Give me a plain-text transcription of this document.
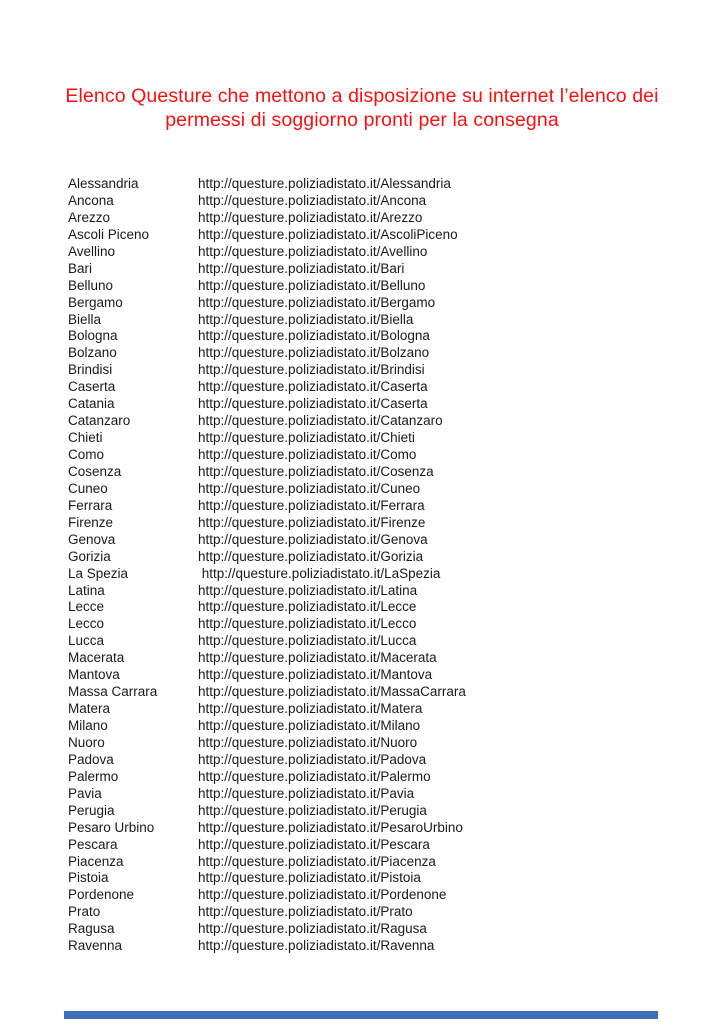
Elenco Questure che mettono a disposizione su internet l’elenco dei
permessi di soggiorno pronti per la consegna
Alessandria	http://questure.poliziadistato.it/Alessandria
Ancona	http://questure.poliziadistato.it/Ancona
Arezzo	http://questure.poliziadistato.it/Arezzo
Ascoli Piceno	http://questure.poliziadistato.it/AscoliPiceno
Avellino	http://questure.poliziadistato.it/Avellino
Bari	http://questure.poliziadistato.it/Bari
Belluno	http://questure.poliziadistato.it/Belluno
Bergamo	http://questure.poliziadistato.it/Bergamo
Biella	http://questure.poliziadistato.it/Biella
Bologna	http://questure.poliziadistato.it/Bologna
Bolzano	http://questure.poliziadistato.it/Bolzano
Brindisi	http://questure.poliziadistato.it/Brindisi
Caserta	http://questure.poliziadistato.it/Caserta
Catania	http://questure.poliziadistato.it/Caserta
Catanzaro	http://questure.poliziadistato.it/Catanzaro
Chieti	http://questure.poliziadistato.it/Chieti
Como	http://questure.poliziadistato.it/Como
Cosenza	http://questure.poliziadistato.it/Cosenza
Cuneo	http://questure.poliziadistato.it/Cuneo
Ferrara	http://questure.poliziadistato.it/Ferrara
Firenze	http://questure.poliziadistato.it/Firenze
Genova	http://questure.poliziadistato.it/Genova
Gorizia	http://questure.poliziadistato.it/Gorizia
La Spezia	http://questure.poliziadistato.it/LaSpezia
Latina	http://questure.poliziadistato.it/Latina
Lecce	http://questure.poliziadistato.it/Lecce
Lecco	http://questure.poliziadistato.it/Lecco
Lucca	http://questure.poliziadistato.it/Lucca
Macerata	http://questure.poliziadistato.it/Macerata
Mantova	http://questure.poliziadistato.it/Mantova
Massa Carrara	http://questure.poliziadistato.it/MassaCarrara
Matera	http://questure.poliziadistato.it/Matera
Milano	http://questure.poliziadistato.it/Milano
Nuoro	http://questure.poliziadistato.it/Nuoro
Padova	http://questure.poliziadistato.it/Padova
Palermo	http://questure.poliziadistato.it/Palermo
Pavia	http://questure.poliziadistato.it/Pavia
Perugia	http://questure.poliziadistato.it/Perugia
Pesaro Urbino	http://questure.poliziadistato.it/PesaroUrbino
Pescara	http://questure.poliziadistato.it/Pescara
Piacenza	http://questure.poliziadistato.it/Piacenza
Pistoia	http://questure.poliziadistato.it/Pistoia
Pordenone	http://questure.poliziadistato.it/Pordenone
Prato	http://questure.poliziadistato.it/Prato
Ragusa	http://questure.poliziadistato.it/Ragusa
Ravenna	http://questure.poliziadistato.it/Ravenna
